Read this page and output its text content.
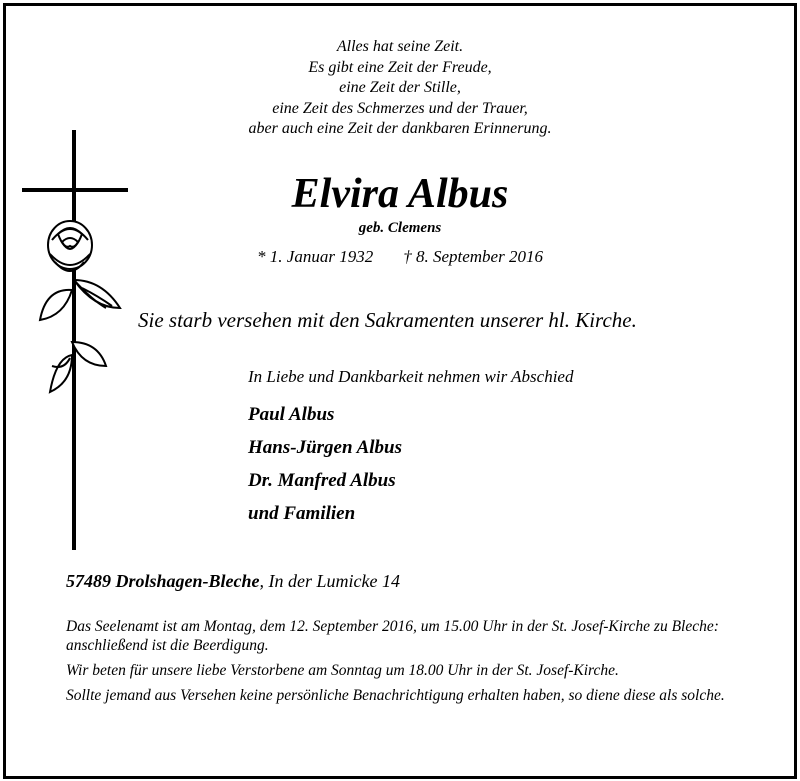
Alles hat seine Zeit.
Es gibt eine Zeit der Freude,
eine Zeit der Stille,
eine Zeit des Schmerzes und der Trauer,
aber auch eine Zeit der dankbaren Erinnerung.
Elvira Albus
geb. Clemens
* 1. Januar 1932 † 8. September 2016
Sie starb versehen mit den Sakramenten unserer hl. Kirche.
In Liebe und Dankbarkeit nehmen wir Abschied
Paul Albus
Hans-Jürgen Albus
Dr. Manfred Albus
und Familien
57489 Drolshagen-Bleche, In der Lumicke 14

Das Seelenamt ist am Montag, dem 12. September 2016, um 15.00 Uhr in der St. Josef-Kirche zu Bleche: anschließend ist die Beerdigung.

Wir beten für unsere liebe Verstorbene am Sonntag um 18.00 Uhr in der St. Josef-Kirche.

Sollte jemand aus Versehen keine persönliche Benachrichtigung erhalten haben, so diene diese als solche.
